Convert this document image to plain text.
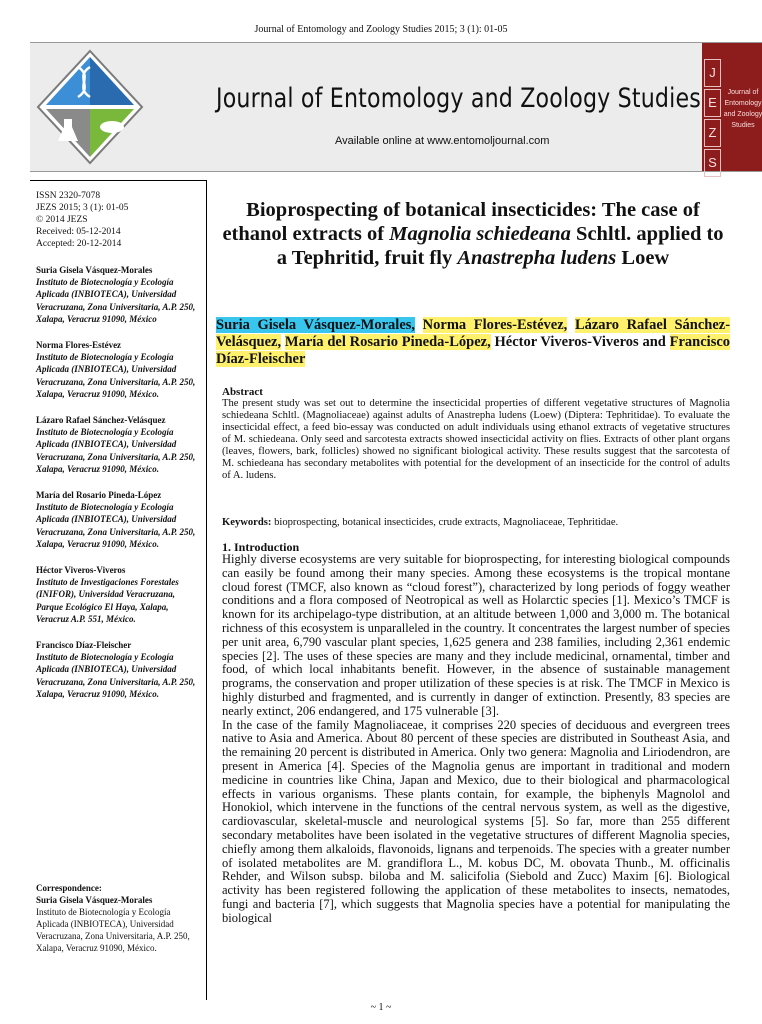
Journal of Entomology and Zoology Studies 2015; 3 (1): 01-05
Journal of Entomology and Zoology Studies
Available online at www.entomoljournal.com
J
E
Z
S
Journal of Entomology and Zoology Studies
ISSN 2320-7078
JEZS 2015; 3 (1): 01-05
© 2014 JEZS
Received: 05-12-2014
Accepted: 20-12-2014
Suria Gisela Vásquez-Morales
Instituto de Biotecnología y Ecología Aplicada (INBIOTECA), Universidad Veracruzana, Zona Universitaria, A.P. 250, Xalapa, Veracruz 91090, México
Norma Flores-Estévez
Instituto de Biotecnología y Ecología Aplicada (INBIOTECA), Universidad Veracruzana, Zona Universitaria, A.P. 250, Xalapa, Veracruz 91090, México.
Lázaro Rafael Sánchez-Velásquez
Instituto de Biotecnología y Ecología Aplicada (INBIOTECA), Universidad Veracruzana, Zona Universitaria, A.P. 250, Xalapa, Veracruz 91090, México.
María del Rosario Pineda-López
Instituto de Biotecnología y Ecología Aplicada (INBIOTECA), Universidad Veracruzana, Zona Universitaria, A.P. 250, Xalapa, Veracruz 91090, México.
Héctor Viveros-Viveros
Instituto de Investigaciones Forestales (INIFOR), Universidad Veracruzana, Parque Ecológico El Haya, Xalapa, Veracruz A.P. 551, México.
Francisco Díaz-Fleischer
Instituto de Biotecnología y Ecología Aplicada (INBIOTECA), Universidad Veracruzana, Zona Universitaria, A.P. 250, Xalapa, Veracruz 91090, México.
Correspondence:
Suria Gisela Vásquez-Morales
Instituto de Biotecnología y Ecología Aplicada (INBIOTECA), Universidad Veracruzana, Zona Universitaria, A.P. 250, Xalapa, Veracruz 91090, México.
Bioprospecting of botanical insecticides: The case of ethanol extracts of Magnolia schiedeana Schltl. applied to a Tephritid, fruit fly Anastrepha ludens Loew
Suria Gisela Vásquez-Morales, Norma Flores-Estévez, Lázaro Rafael Sánchez-Velásquez, María del Rosario Pineda-López, Héctor Viveros-Viveros and Francisco Díaz-Fleischer
Abstract
The present study was set out to determine the insecticidal properties of different vegetative structures of Magnolia schiedeana Schltl. (Magnoliaceae) against adults of Anastrepha ludens (Loew) (Diptera: Tephritidae). To evaluate the insecticidal effect, a feed bio-essay was conducted on adult individuals using ethanol extracts of vegetative structures of M. schiedeana. Only seed and sarcotesta extracts showed insecticidal activity on flies. Extracts of other plant organs (leaves, flowers, bark, follicles) showed no significant biological activity. These results suggest that the sarcotesta of M. schiedeana has secondary metabolites with potential for the development of an insecticide for the control of adults of A. ludens.
Keywords: bioprospecting, botanical insecticides, crude extracts, Magnoliaceae, Tephritidae.
1. Introduction

Highly diverse ecosystems are very suitable for bioprospecting, for interesting biological compounds can easily be found among their many species. Among these ecosystems is the tropical montane cloud forest (TMCF, also known as “cloud forest”), characterized by long periods of foggy weather conditions and a flora composed of Neotropical as well as Holarctic species [1]. Mexico’s TMCF is known for its archipelago-type distribution, at an altitude between 1,000 and 3,000 m. The botanical richness of this ecosystem is unparalleled in the country. It concentrates the largest number of species per unit area, 6,790 vascular plant species, 1,625 genera and 238 families, including 2,361 endemic species [2]. The uses of these species are many and they include medicinal, ornamental, timber and food, of which local inhabitants benefit. However, in the absence of sustainable management programs, the conservation and proper utilization of these species is at risk. The TMCF in Mexico is highly disturbed and fragmented, and is currently in danger of extinction. Presently, 83 species are nearly extinct, 206 endangered, and 175 vulnerable [3].

In the case of the family Magnoliaceae, it comprises 220 species of deciduous and evergreen trees native to Asia and America. About 80 percent of these species are distributed in Southeast Asia, and the remaining 20 percent is distributed in America. Only two genera: Magnolia and Liriodendron, are present in America [4]. Species of the Magnolia genus are important in traditional and modern medicine in countries like China, Japan and Mexico, due to their biological and pharmacological effects in various organisms. These plants contain, for example, the biphenyls Magnolol and Honokiol, which intervene in the functions of the central nervous system, as well as the digestive, cardiovascular, skeletal-muscle and neurological systems [5]. So far, more than 255 different secondary metabolites have been isolated in the vegetative structures of different Magnolia species, chiefly among them alkaloids, flavonoids, lignans and terpenoids. The species with a greater number of isolated metabolites are M. grandiflora L., M. kobus DC, M. obovata Thunb., M. officinalis Rehder, and Wilson subsp. biloba and M. salicifolia (Siebold and Zucc) Maxim [6]. Biological activity has been registered following the application of these metabolites to insects, nematodes, fungi and bacteria [7], which suggests that Magnolia species have a potential for manipulating the biological

~ 1 ~
